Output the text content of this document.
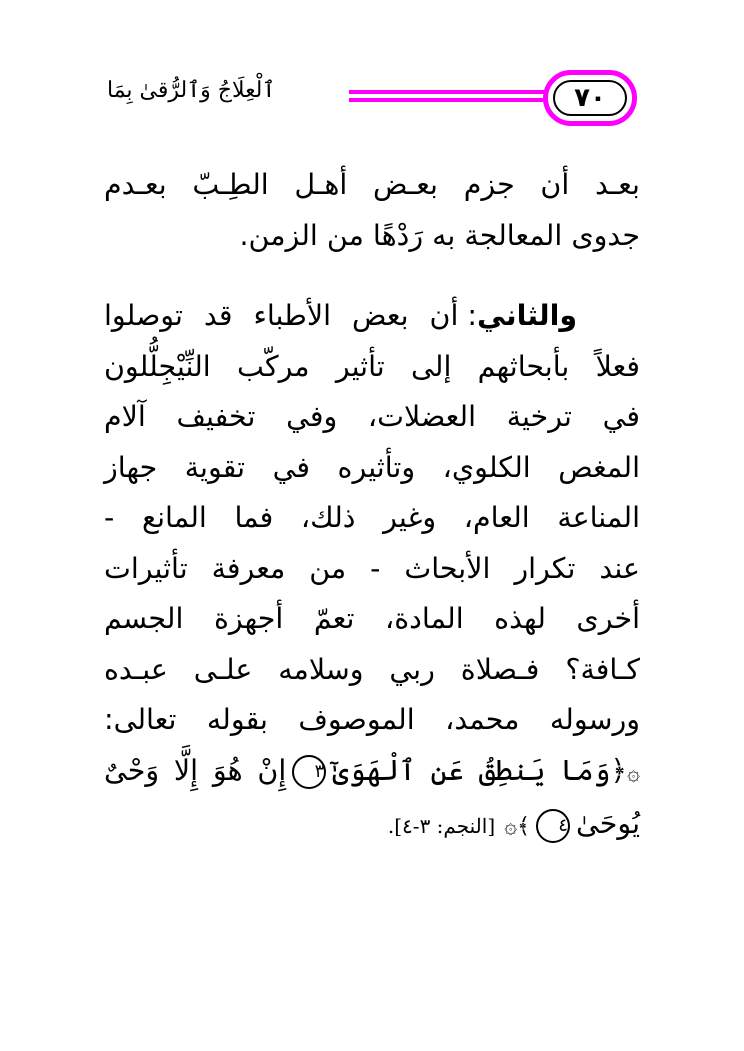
٧٠
ٱلْعِلَاجُ وَٱلرُّقىٰ بِمَا
بعـد أن جزم بعـض أهـل الطِـبّ بعـدم
جدوى المعالجة به رَدْهًا من الزمن.
والثاني: أن بعض الأطباء قد توصلوا
فعلاً بأبحاثهم إلى تأثير مركّب النِّيْجِلُّلون
في ترخية العضلات، وفي تخفيف آلام
المغص الكلوي، وتأثيره في تقوية جهاز
المناعة العام، وغير ذلك، فما المانع -
عند تكرار الأبحاث - من معرفة تأثيرات
أخرى لهذه المادة، تعمّ أجهزة الجسم
كـافة؟ فـصلاة ربي وسلامه علـى عبـده
ورسوله محمد، الموصوف بقوله تعالى:
۞﴿وَمَا يَنطِقُ عَنِ ٱلْهَوَىٰٓ٣إِنْ هُوَ إِلَّا وَحْىٌ
يُوحَىٰ٤﴾۞ [النجم: ٣-٤].
